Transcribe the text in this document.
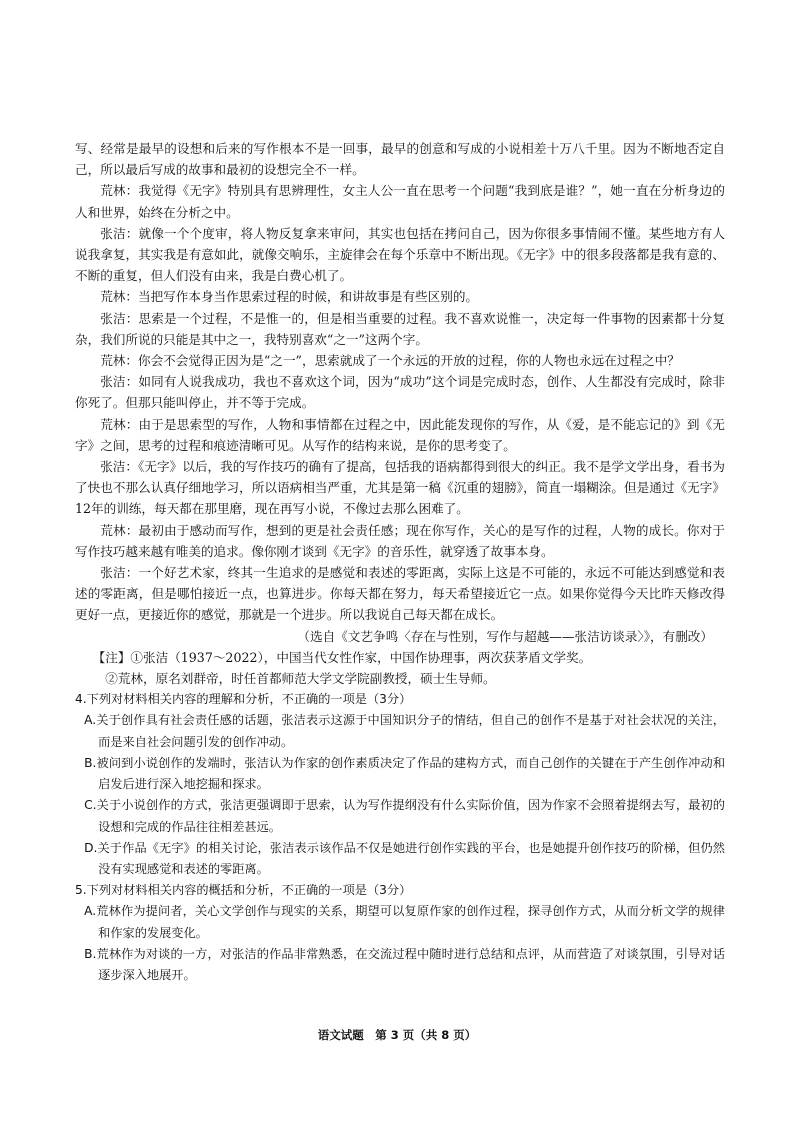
写、经常是最早的设想和后来的写作根本不是一回事，最早的创意和写成的小说相差十万八千里。因为不断地否定自己，所以最后写成的故事和最初的设想完全不一样。

荒林：我觉得《无字》特别具有思辨理性，女主人公一直在思考一个问题“我到底是谁？”，她一直在分析身边的人和世界，始终在分析之中。

张洁：就像一个个度审，将人物反复拿来审问，其实也包括在拷问自己，因为你很多事情闹不懂。某些地方有人说我拿复，其实我是有意如此，就像交响乐，主旋律会在每个乐章中不断出现。《无字》中的很多段落都是我有意的、不断的重复，但人们没有由来，我是白费心机了。

荒林：当把写作本身当作思索过程的时候，和讲故事是有些区别的。

张洁：思索是一个过程，不是惟一的，但是相当重要的过程。我不喜欢说惟一，决定每一件事物的因素都十分复杂，我们所说的只能是其中之一，我特别喜欢“之一”这两个字。

荒林：你会不会觉得正因为是“之一”，思索就成了一个永远的开放的过程，你的人物也永远在过程之中？

张洁：如同有人说我成功，我也不喜欢这个词，因为“成功”这个词是完成时态，创作、人生都没有完成时，除非你死了。但那只能叫停止，并不等于完成。

荒林：由于是思索型的写作，人物和事情都在过程之中，因此能发现你的写作，从《爱，是不能忘记的》到《无字》之间，思考的过程和痕迹清晰可见。从写作的结构来说，是你的思考变了。

张洁：《无字》以后，我的写作技巧的确有了提高，包括我的语病都得到很大的纠正。我不是学文学出身，看书为了快也不那么认真仔细地学习，所以语病相当严重，尤其是第一稿《沉重的翅膀》，简直一塌糊涂。但是通过《无字》12年的训练，每天都在那里磨，现在再写小说，不像过去那么困难了。

荒林：最初由于感动而写作，想到的更是社会责任感；现在你写作，关心的是写作的过程，人物的成长。你对于写作技巧越来越有唯美的追求。像你刚才谈到《无字》的音乐性，就穿透了故事本身。

张洁：一个好艺术家，终其一生追求的是感觉和表述的零距离，实际上这是不可能的，永远不可能达到感觉和表述的零距离，但是哪怕接近一点，也算进步。你每天都在努力，每天希望接近它一点。如果你觉得今天比昨天修改得更好一点，更接近你的感觉，那就是一个进步。所以我说自己每天都在成长。

（选自《文艺争鸣〈存在与性别，写作与超越——张洁访谈录〉》，有删改）

【注】①张洁（1937～2022），中国当代女性作家，中国作协理事，两次获茅盾文学奖。

②荒林，原名刘群帝，时任首都师范大学文学院副教授，硕士生导师。

4.下列对材料相关内容的理解和分析，不正确的一项是（3分）

A.关于创作具有社会责任感的话题，张洁表示这源于中国知识分子的情结，但自己的创作不是基于对社会状况的关注，而是来自社会问题引发的创作冲动。

B.被问到小说创作的发端时，张洁认为作家的创作素质决定了作品的建构方式，而自己创作的关键在于产生创作冲动和启发后进行深入地挖掘和探求。

C.关于小说创作的方式，张洁更强调即于思索，认为写作提纲没有什么实际价值，因为作家不会照着提纲去写，最初的设想和完成的作品往往相差甚远。

D.关于作品《无字》的相关讨论，张洁表示该作品不仅是她进行创作实践的平台，也是她提升创作技巧的阶梯，但仍然没有实现感觉和表述的零距离。

5.下列对材料相关内容的概括和分析，不正确的一项是（3分）

A.荒林作为提问者，关心文学创作与现实的关系，期望可以复原作家的创作过程，探寻创作方式，从而分析文学的规律和作家的发展变化。

B.荒林作为对谈的一方，对张洁的作品非常熟悉，在交流过程中随时进行总结和点评，从而营造了对谈氛围，引导对话逐步深入地展开。

语文试题　第 3 页（共 8 页）
